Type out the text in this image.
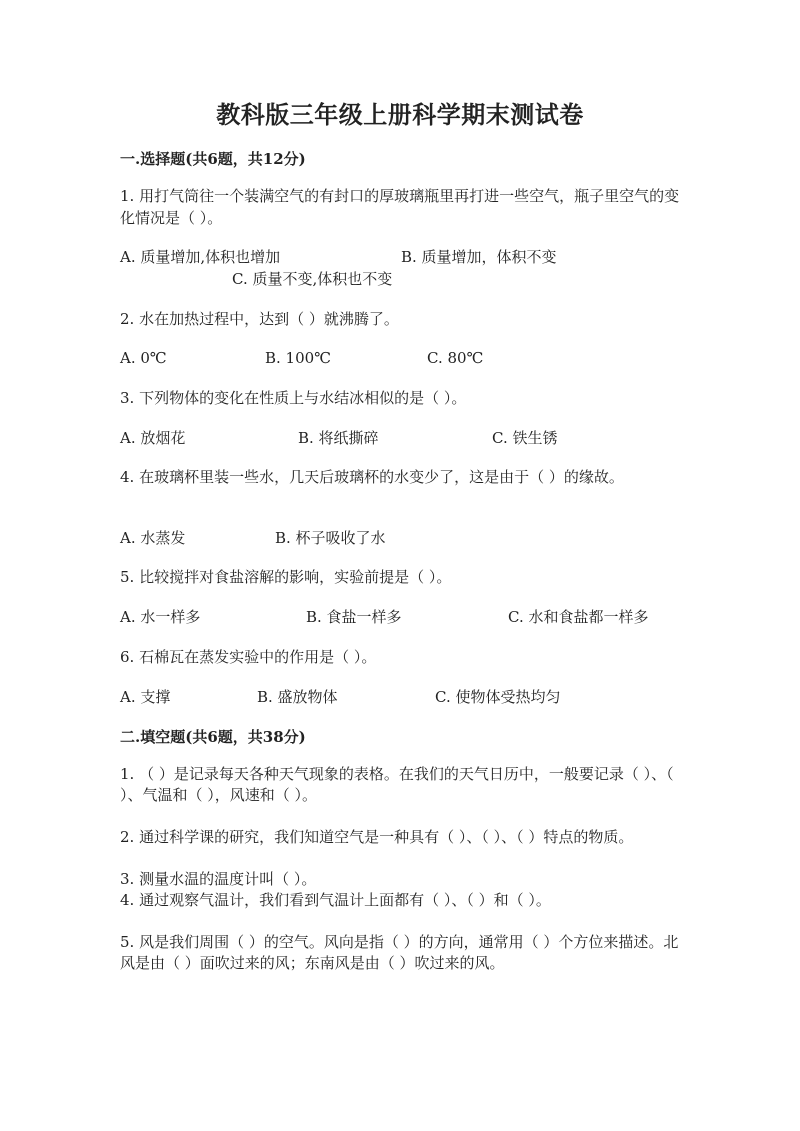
教科版三年级上册科学期末测试卷
一.选择题(共6题，共12分)
1. 用打气筒往一个装满空气的有封口的厚玻璃瓶里再打进一些空气，瓶子里空气的变化情况是（ ）。
A. 质量增加,体积也增加	B. 质量增加，体积不变
C. 质量不变,体积也不变
2. 水在加热过程中，达到（ ）就沸腾了。
A. 0℃	B. 100℃	C. 80℃
3. 下列物体的变化在性质上与水结冰相似的是（ ）。
A. 放烟花	B. 将纸撕碎	C. 铁生锈
4. 在玻璃杯里装一些水，几天后玻璃杯的水变少了，这是由于（ ）的缘故。
A. 水蒸发	B. 杯子吸收了水
5. 比较搅拌对食盐溶解的影响，实验前提是（ ）。
A. 水一样多	B. 食盐一样多	C. 水和食盐都一样多
6. 石棉瓦在蒸发实验中的作用是（ ）。
A. 支撑	B. 盛放物体	C. 使物体受热均匀
二.填空题(共6题，共38分)
1. （ ）是记录每天各种天气现象的表格。在我们的天气日历中，一般要记录（ ）、（ ）、气温和（ ），风速和（ ）。
2. 通过科学课的研究，我们知道空气是一种具有（ ）、（ ）、（ ）特点的物质。
3. 测量水温的温度计叫（ ）。
4. 通过观察气温计，我们看到气温计上面都有（ ）、（ ）和（ ）。
5. 风是我们周围（ ）的空气。风向是指（ ）的方向，通常用（ ）个方位来描述。北风是由（ ）面吹过来的风；东南风是由（ ）吹过来的风。
